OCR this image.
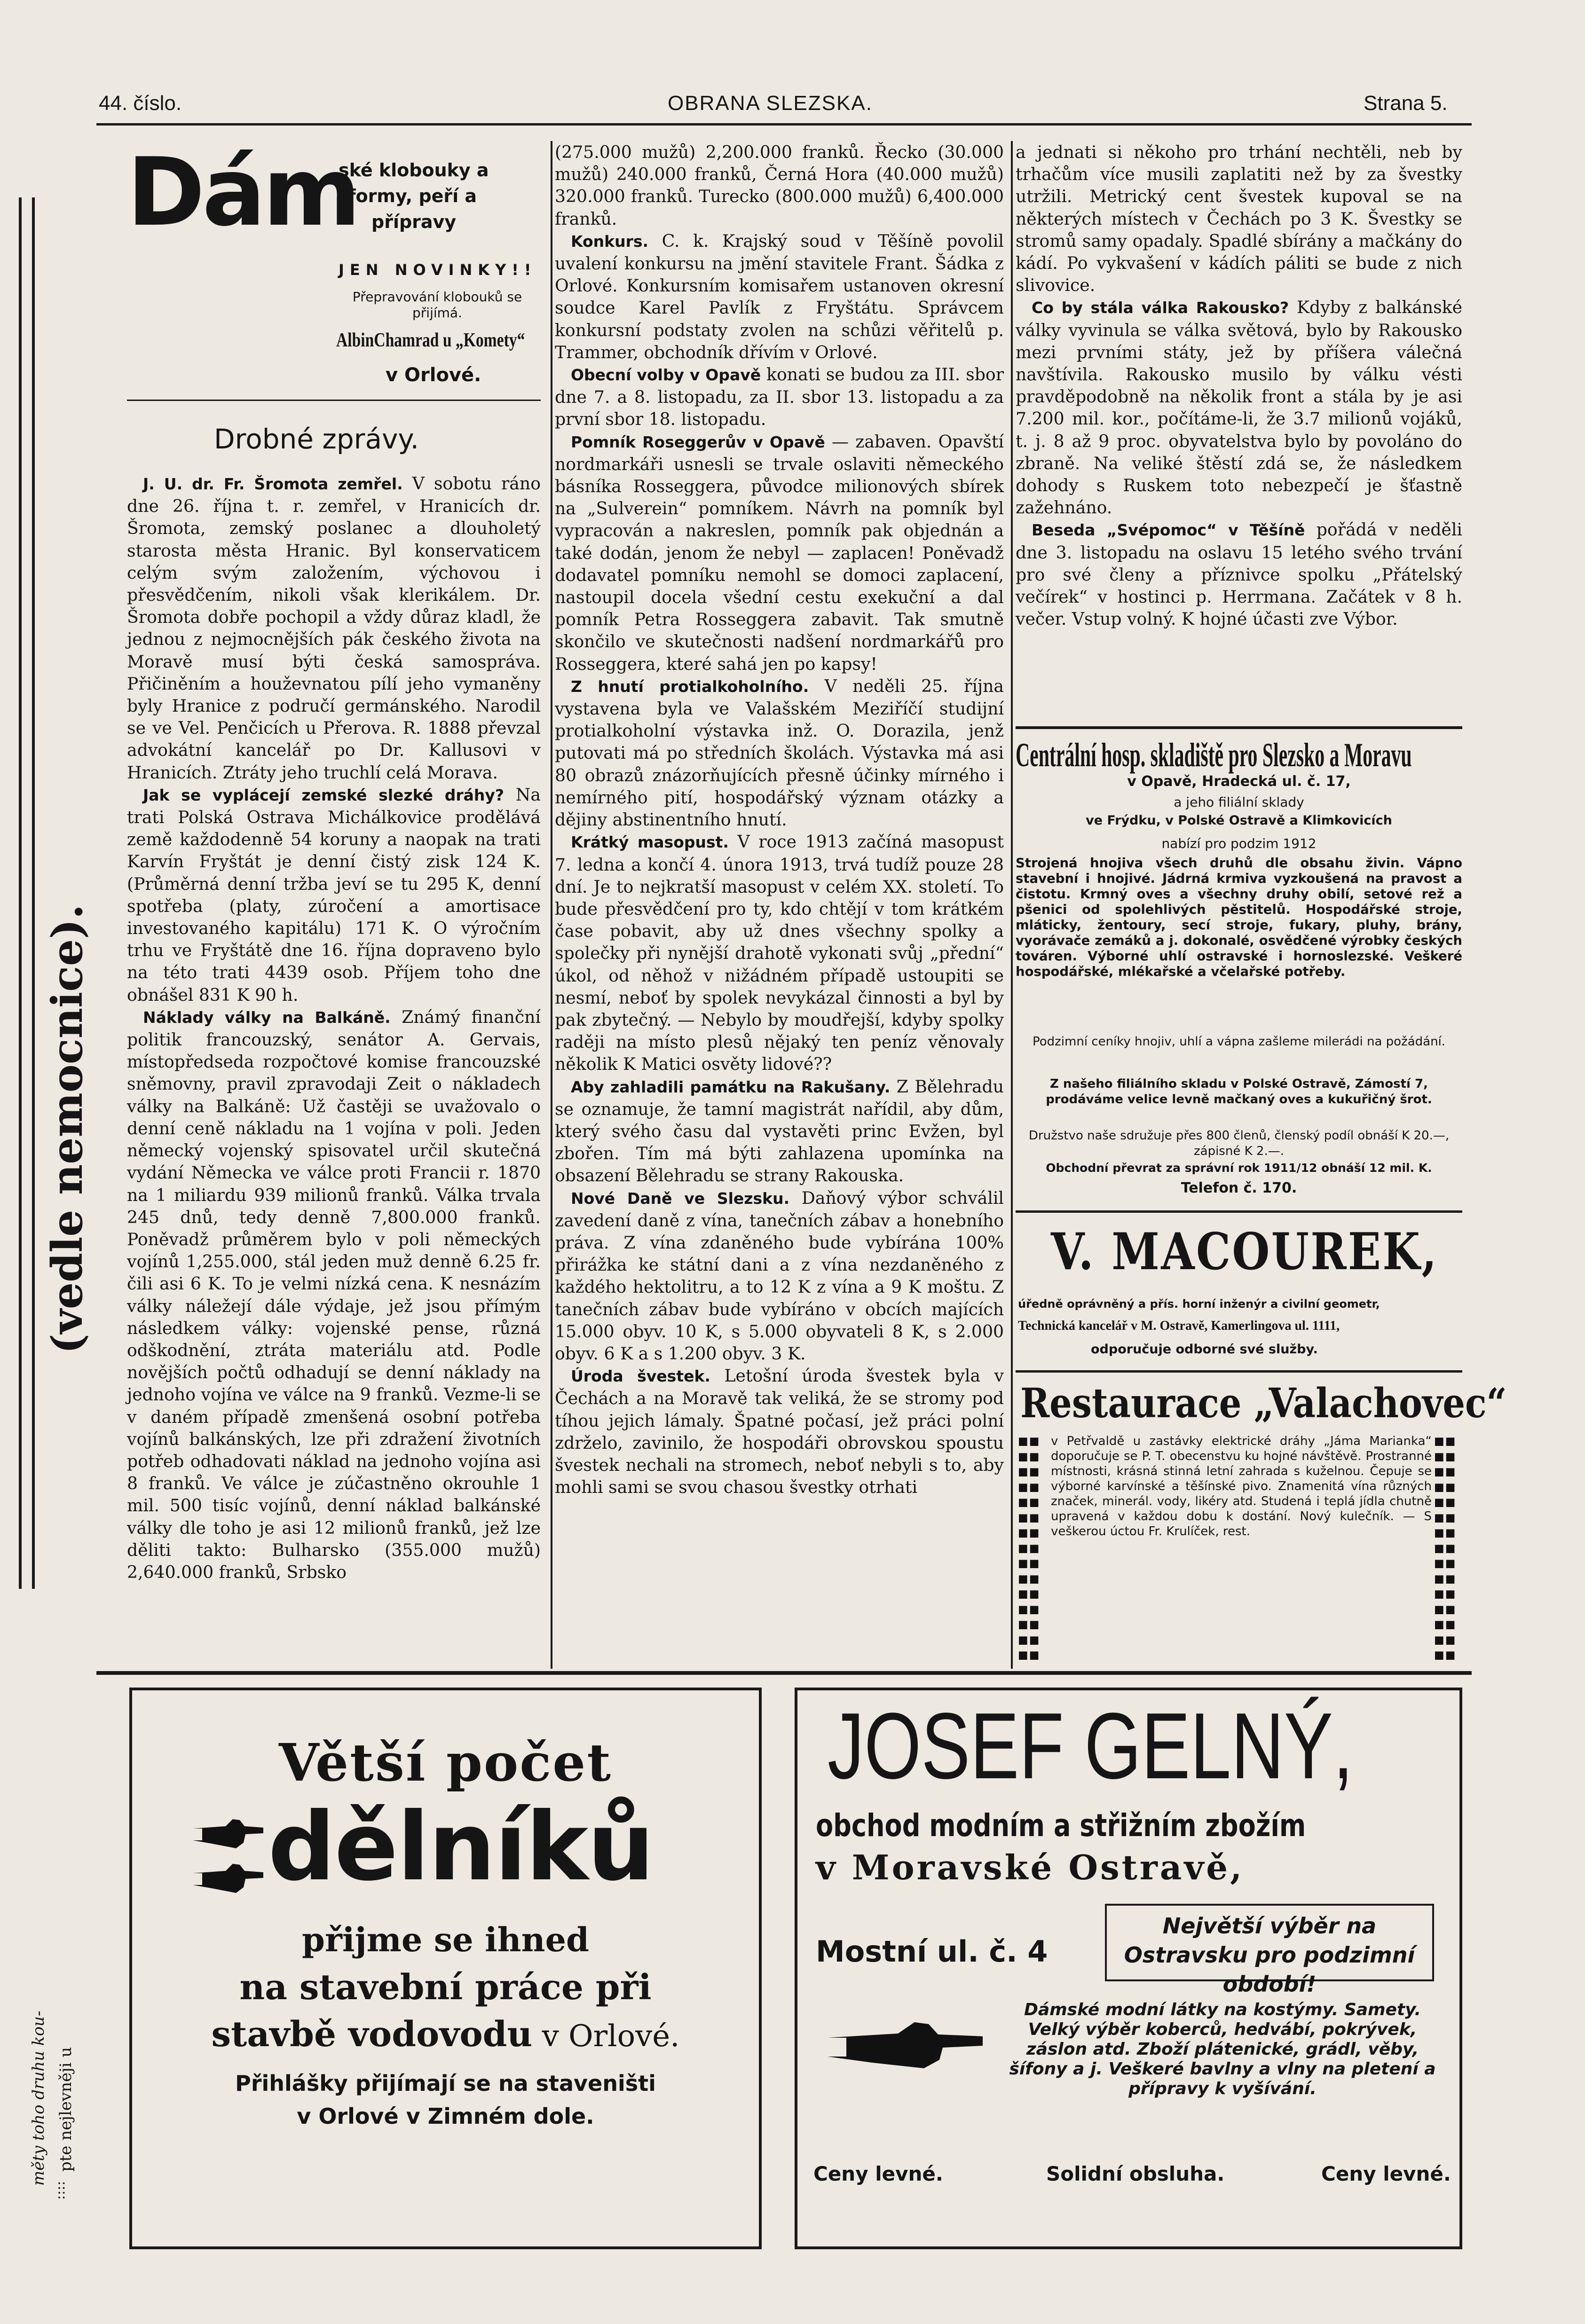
44. číslo.	OBRANA SLEZSKA.	Strana 5.
(vedle nemocnice).
pte nejlevněji u
měty toho druhu kou-
::::
Dám
ské klobouky a
formy, peří a
přípravy
JEN NOVINKY!!
Přepravování klobouků se přijímá.
AlbinChamrad u „Komety“
v Orlové.
Drobné zprávy.

J. U. dr. Fr. Šromota zemřel. V sobotu ráno dne 26. října t. r. zemřel, v Hranicích dr. Šromota, zemský poslanec a dlouholetý starosta města Hranic. Byl konservaticem celým svým založením, výchovou i přesvědčením, nikoli však klerikálem. Dr. Šromota dobře pochopil a vždy důraz kladl, že jednou z nejmocnějších pák českého života na Moravě musí býti česká samospráva. Přičiněním a houževnatou pílí jeho vymaněny byly Hranice z područí germánského. Narodil se ve Vel. Penčicích u Přerova. R. 1888 převzal advokátní kancelář po Dr. Kallusovi v Hranicích. Ztráty jeho truchlí celá Morava.

Jak se vyplácejí zemské slezké dráhy? Na trati Polská Ostrava Michálkovice prodělává země každodenně 54 koruny a naopak na trati Karvín Fryštát je denní čistý zisk 124 K. (Průměrná denní tržba jeví se tu 295 K, denní spotřeba (platy, zúročení a amortisace investovaného kapitálu) 171 K. O výročním trhu ve Fryštátě dne 16. října dopraveno bylo na této trati 4439 osob. Příjem toho dne obnášel 831 K 90 h.

Náklady války na Balkáně. Známý finanční politik francouzský, senátor A. Gervais, místopředseda rozpočtové komise francouzské sněmovny, pravil zpravodaji Zeit o nákladech války na Balkáně: Už častěji se uvažovalo o denní ceně nákladu na 1 vojína v poli. Jeden německý vojenský spisovatel určil skutečná vydání Německa ve válce proti Francii r. 1870 na 1 miliardu 939 milionů franků. Válka trvala 245 dnů, tedy denně 7,800.000 franků. Poněvadž průměrem bylo v poli německých vojínů 1,255.000, stál jeden muž denně 6.25 fr. čili asi 6 K. To je velmi nízká cena. K nesnázím války náležejí dále výdaje, jež jsou přímým následkem války: vojenské pense, různá odškodnění, ztráta materiálu atd. Podle novějších počtů odhadují se denní náklady na jednoho vojína ve válce na 9 franků. Vezme-li se v daném případě zmenšená osobní potřeba vojínů balkánských, lze při zdražení životních potřeb odhadovati náklad na jednoho vojína asi 8 franků. Ve válce je zúčastněno okrouhle 1 mil. 500 tisíc vojínů, denní náklad balkánské války dle toho je asi 12 milionů franků, jež lze děliti takto: Bulharsko (355.000 mužů) 2,640.000 franků, Srbsko

(275.000 mužů) 2,200.000 franků. Řecko (30.000 mužů) 240.000 franků, Černá Hora (40.000 mužů) 320.000 franků. Turecko (800.000 mužů) 6,400.000 franků.

Konkurs. C. k. Krajský soud v Těšíně povolil uvalení konkursu na jmění stavitele Frant. Šádka z Orlové. Konkursním komisařem ustanoven okresní soudce Karel Pavlík z Fryštátu. Správcem konkursní podstaty zvolen na schůzi věřitelů p. Trammer, obchodník dřívím v Orlové.

Obecní volby v Opavě konati se budou za III. sbor dne 7. a 8. listopadu, za II. sbor 13. listopadu a za první sbor 18. listopadu.

Pomník Roseggerův v Opavě — zabaven. Opavští nordmarkáři usnesli se trvale oslaviti německého básníka Rosseggera, původce milionových sbírek na „Sulverein“ pomníkem. Návrh na pomník byl vypracován a nakreslen, pomník pak objednán a také dodán, jenom že nebyl — zaplacen! Poněvadž dodavatel pomníku nemohl se domoci zaplacení, nastoupil docela všední cestu exekuční a dal pomník Petra Rosseggera zabavit. Tak smutně skončilo ve skutečnosti nadšení nordmarkářů pro Rosseggera, které sahá jen po kapsy!

Z hnutí protialkoholního. V neděli 25. října vystavena byla ve Valašském Meziříčí studijní protialkoholní výstavka inž. O. Dorazila, jenž putovati má po středních školách. Výstavka má asi 80 obrazů znázorňujících přesně účinky mírného i nemírného pití, hospodářský význam otázky a dějiny abstinentního hnutí.

Krátký masopust. V roce 1913 začíná masopust 7. ledna a končí 4. února 1913, trvá tudíž pouze 28 dní. Je to nejkratší masopust v celém XX. století. To bude přesvědčení pro ty, kdo chtějí v tom krátkém čase pobavit, aby už dnes všechny spolky a společky při nynější drahotě vykonati svůj „přední“ úkol, od něhož v nižádném případě ustoupiti se nesmí, neboť by spolek nevykázal činnosti a byl by pak zbytečný. — Nebylo by moudřejší, kdyby spolky raději na místo plesů nějaký ten peníz věnovaly několik K Matici osvěty lidové??

Aby zahladili památku na Rakušany. Z Bělehradu se oznamuje, že tamní magistrát nařídil, aby dům, který svého času dal vystavěti princ Evžen, byl zbořen. Tím má býti zahlazena upomínka na obsazení Bělehradu se strany Rakouska.

Nové Daně ve Slezsku. Daňový výbor schválil zavedení daně z vína, tanečních zábav a honebního práva. Z vína zdaněného bude vybírána 100% přirážka ke státní dani a z vína nezdaněného z každého hektolitru, a to 12 K z vína a 9 K moštu. Z tanečních zábav bude vybíráno v obcích majících 15.000 obyv. 10 K, s 5.000 obyvateli 8 K, s 2.000 obyv. 6 K a s 1.200 obyv. 3 K.

Úroda švestek. Letošní úroda švestek byla v Čechách a na Moravě tak veliká, že se stromy pod tíhou jejich lámaly. Špatné počasí, jež práci polní zdrželo, zavinilo, že hospodáři obrovskou spoustu švestek nechali na stromech, neboť nebyli s to, aby mohli sami se svou chasou švestky otrhati

a jednati si někoho pro trhání nechtěli, neb by trhačům více musili zaplatiti než by za švestky utržili. Metrický cent švestek kupoval se na některých místech v Čechách po 3 K. Švestky se stromů samy opadaly. Spadlé sbírány a mačkány do kádí. Po vykvašení v kádích páliti se bude z nich slivovice.

Co by stála válka Rakousko? Kdyby z balkánské války vyvinula se válka světová, bylo by Rakousko mezi prvními státy, jež by příšera válečná navštívila. Rakousko musilo by válku vésti pravděpodobně na několik front a stála by je asi 7.200 mil. kor., počítáme-li, že 3.7 milionů vojáků, t. j. 8 až 9 proc. obyvatelstva bylo by povoláno do zbraně. Na veliké štěstí zdá se, že následkem dohody s Ruskem toto nebezpečí je šťastně zažehnáno.

Beseda „Svépomoc“ v Těšíně pořádá v neděli dne 3. listopadu na oslavu 15 letého svého trvání pro své členy a příznivce spolku „Přátelský večírek“ v hostinci p. Herrmana. Začátek v 8 h. večer. Vstup volný. K hojné účasti zve Výbor.

Centrální hosp. skladiště pro Slezsko a Moravu
v Opavě, Hradecká ul. č. 17,
a jeho filiální sklady
ve Frýdku, v Polské Ostravě a Klimkovicích
nabízí pro podzim 1912
Strojená hnojiva všech druhů dle obsahu živin. Vápno stavební i hnojivé. Jádrná krmiva vyzkoušená na pravost a čistotu. Krmný oves a všechny druhy obilí, setové rež a pšenici od spolehlivých pěstitelů. Hospodářské stroje, mláticky, žentoury, secí stroje, fukary, pluhy, brány, vyorávače zemáků a j. dokonalé, osvědčené výrobky českých továren. Výborné uhlí ostravské i hornoslezské. Veškeré hospodářské, mlékařské a včelařské potřeby.
Podzimní ceníky hnojiv, uhlí a vápna zašleme milerádi na požádání.
Z našeho filiálního skladu v Polské Ostravě, Zámostí 7, prodáváme velice levně mačkaný oves a kukuřičný šrot.
Družstvo naše sdružuje přes 800 členů, členský podíl obnáší K 20.—, zápisné K 2.—.
Obchodní převrat za správní rok 1911/12 obnáší 12 mil. K.
Telefon č. 170.
V. MACOUREK,
úředně oprávněný a přís. horní inženýr a civilní geometr,
Technická kancelář v M. Ostravě, Kamerlingova ul. 1111,
odporučuje odborné své služby.
Restaurace „Valachovec“
■■
■■
■■
■■
■■
■■
■■
■■
■■
■■
■■
■■
■■
■■
■■

■■
■■
■■
■■
■■
■■
■■
■■
■■
■■
■■
■■
■■
■■
■■

v Petřvaldě u zastávky elektrické dráhy „Jáma Marianka“ doporučuje se P. T. obecenstvu ku hojné návštěvě. Prostranné místnosti, krásná stinná letní zahrada s kuželnou. Čepuje se výborné karvínské a těšínské pivo. Znamenitá vína různých značek, minerál. vody, likéry atd. Studená i teplá jídla chutně upravená v každou dobu k dostání. Nový kulečník. — S veškerou úctou Fr. Krulíček, rest.
Větší počet
dělníků
přijme se ihned
na stavební práce při
stavbě vodovodu v Orlové.
Přihlášky přijímají se na staveništi
v Orlové v Zimném dole.
JOSEF GELNÝ,
obchod modním a střižním zbožím
v Moravské Ostravě,
Mostní ul. č. 4
Největší výběr na Ostravsku pro podzimní období!
Dámské modní látky na kostýmy. Samety. Velký výběr koberců, hedvábí, pokrývek, záslon atd. Zboží plátenické, grádl, věby, šífony a j. Veškeré bavlny a vlny na pletení a přípravy k vyšívání.
Ceny levné.	Solidní obsluha.	Ceny levné.
